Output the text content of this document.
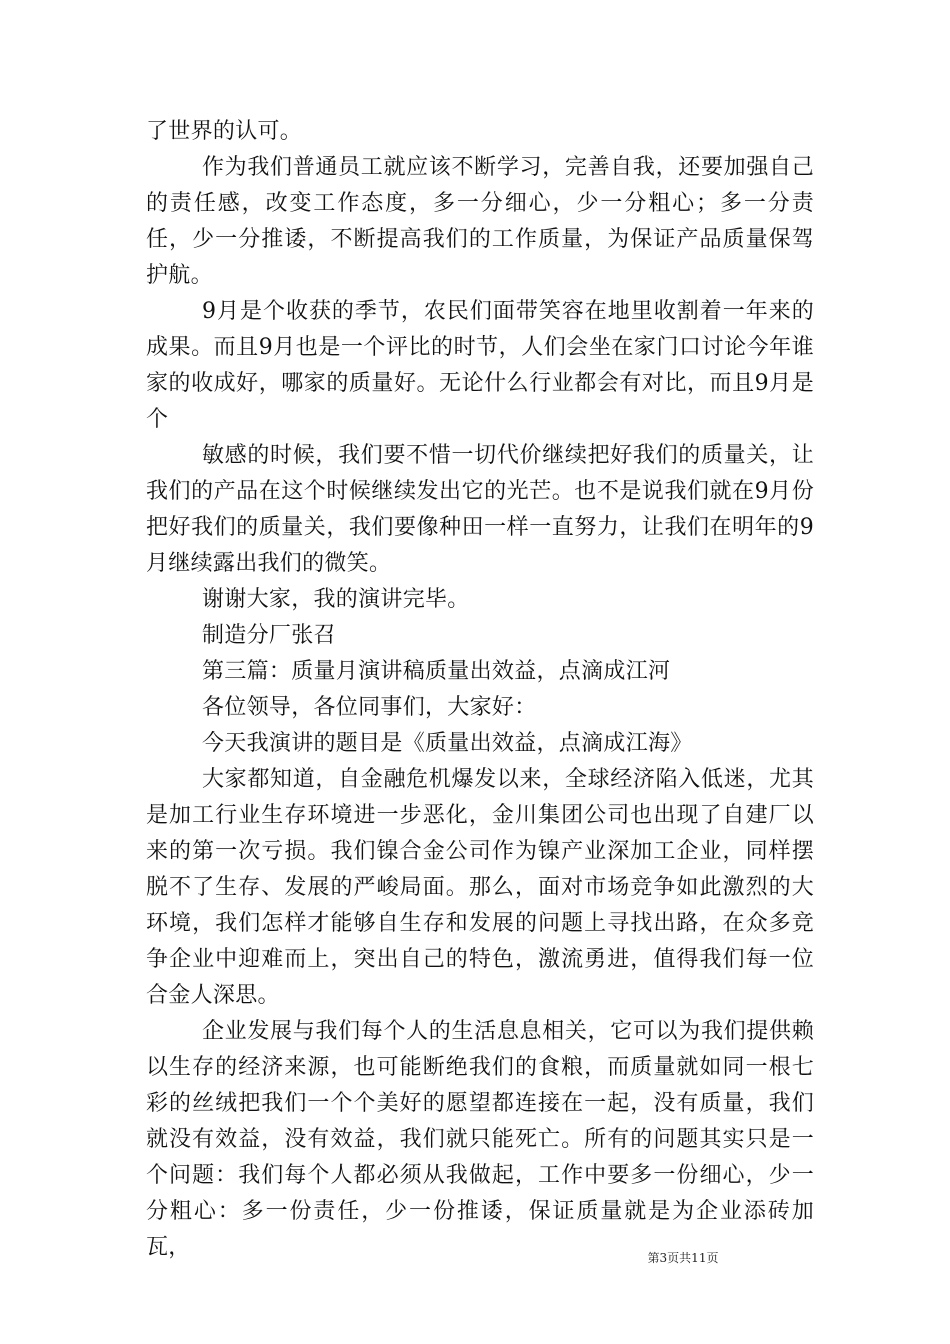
了世界的认可。

作为我们普通员工就应该不断学习，完善自我，还要加强自己的责任感，改变工作态度，多一分细心，少一分粗心；多一分责任，少一分推诿，不断提高我们的工作质量，为保证产品质量保驾护航。

9月是个收获的季节，农民们面带笑容在地里收割着一年来的成果。而且9月也是一个评比的时节，人们会坐在家门口讨论今年谁家的收成好，哪家的质量好。无论什么行业都会有对比，而且9月是个

敏感的时候，我们要不惜一切代价继续把好我们的质量关，让我们的产品在这个时候继续发出它的光芒。也不是说我们就在9月份把好我们的质量关，我们要像种田一样一直努力，让我们在明年的9月继续露出我们的微笑。

谢谢大家，我的演讲完毕。

制造分厂张召

第三篇：质量月演讲稿质量出效益，点滴成江河

各位领导，各位同事们，大家好：

今天我演讲的题目是《质量出效益，点滴成江海》

大家都知道，自金融危机爆发以来，全球经济陷入低迷，尤其是加工行业生存环境进一步恶化，金川集团公司也出现了自建厂以来的第一次亏损。我们镍合金公司作为镍产业深加工企业，同样摆脱不了生存、发展的严峻局面。那么，面对市场竞争如此激烈的大环境，我们怎样才能够自生存和发展的问题上寻找出路，在众多竞争企业中迎难而上，突出自己的特色，激流勇进，值得我们每一位合金人深思。

企业发展与我们每个人的生活息息相关，它可以为我们提供赖以生存的经济来源，也可能断绝我们的食粮，而质量就如同一根七彩的丝绒把我们一个个美好的愿望都连接在一起，没有质量，我们就没有效益，没有效益，我们就只能死亡。所有的问题其实只是一个问题：我们每个人都必须从我做起，工作中要多一份细心，少一分粗心：多一份责任，少一份推诿，保证质量就是为企业添砖加瓦，	第3页共11页
